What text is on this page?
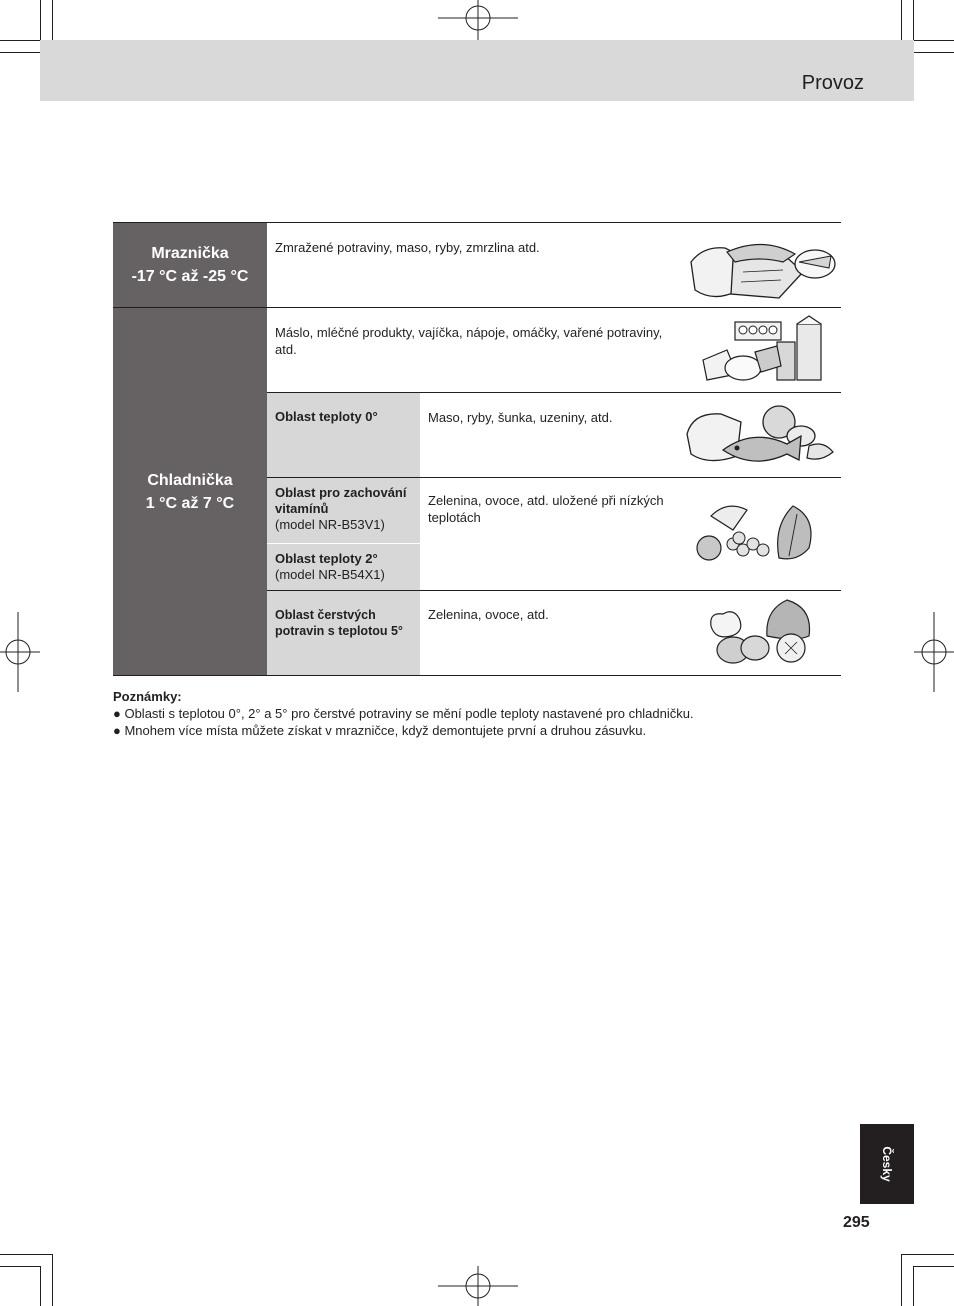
Provoz
Mraznička
-17 °C až -25 °C
Zmražené potraviny, maso, ryby, zmrzlina atd.
Chladnička
1 °C až 7 °C
Máslo, mléčné produkty, vajíčka, nápoje, omáčky, vařené potraviny, atd.
Oblast teploty 0°	Maso, ryby, šunka, uzeniny, atd.
Oblast pro zachování vitamínů
(model NR-B53V1)
Oblast teploty 2°
(model NR-B54X1)
Zelenina, ovoce, atd. uložené při nízkých teplotách
Oblast čerstvých potravin s teplotou 5°
Zelenina, ovoce, atd.
Poznámky:
● Oblasti s teplotou 0°, 2° a 5° pro čerstvé potraviny se mění podle teploty nastavené pro chladničku.
● Mnohem více místa můžete získat v mrazničce, když demontujete první a druhou zásuvku.
Česky
295
